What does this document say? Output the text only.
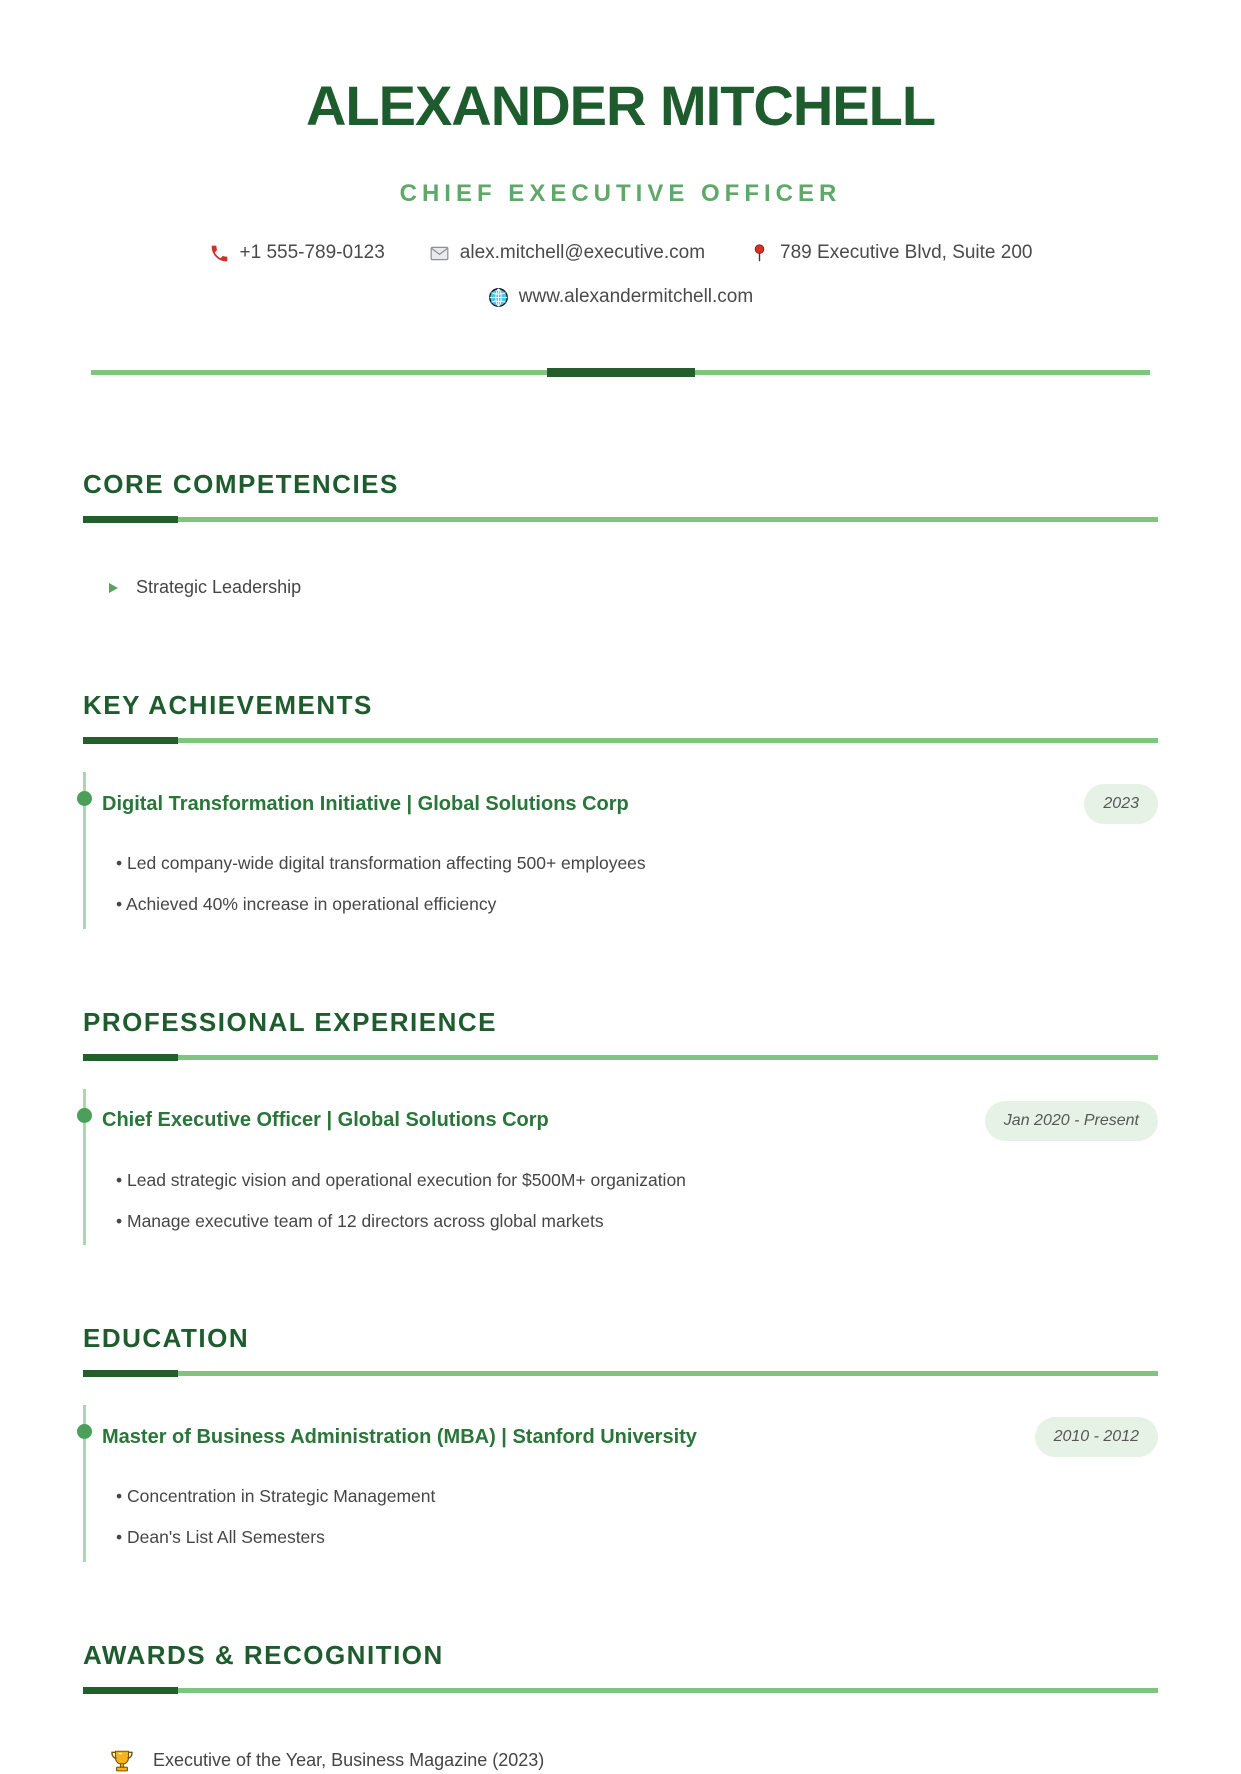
ALEXANDER MITCHELL
CHIEF EXECUTIVE OFFICER
+1 555-789-0123	alex.mitchell@executive.com	789 Executive Blvd, Suite 200
www.alexandermitchell.com
CORE COMPETENCIES
Strategic Leadership
KEY ACHIEVEMENTS
Digital Transformation Initiative | Global Solutions Corp	2023
• Led company-wide digital transformation affecting 500+ employees
• Achieved 40% increase in operational efficiency
PROFESSIONAL EXPERIENCE
Chief Executive Officer | Global Solutions Corp	Jan 2020 - Present
• Lead strategic vision and operational execution for $500M+ organization
• Manage executive team of 12 directors across global markets
EDUCATION
Master of Business Administration (MBA) | Stanford University	2010 - 2012
• Concentration in Strategic Management
• Dean's List All Semesters
AWARDS & RECOGNITION
Executive of the Year, Business Magazine (2023)
